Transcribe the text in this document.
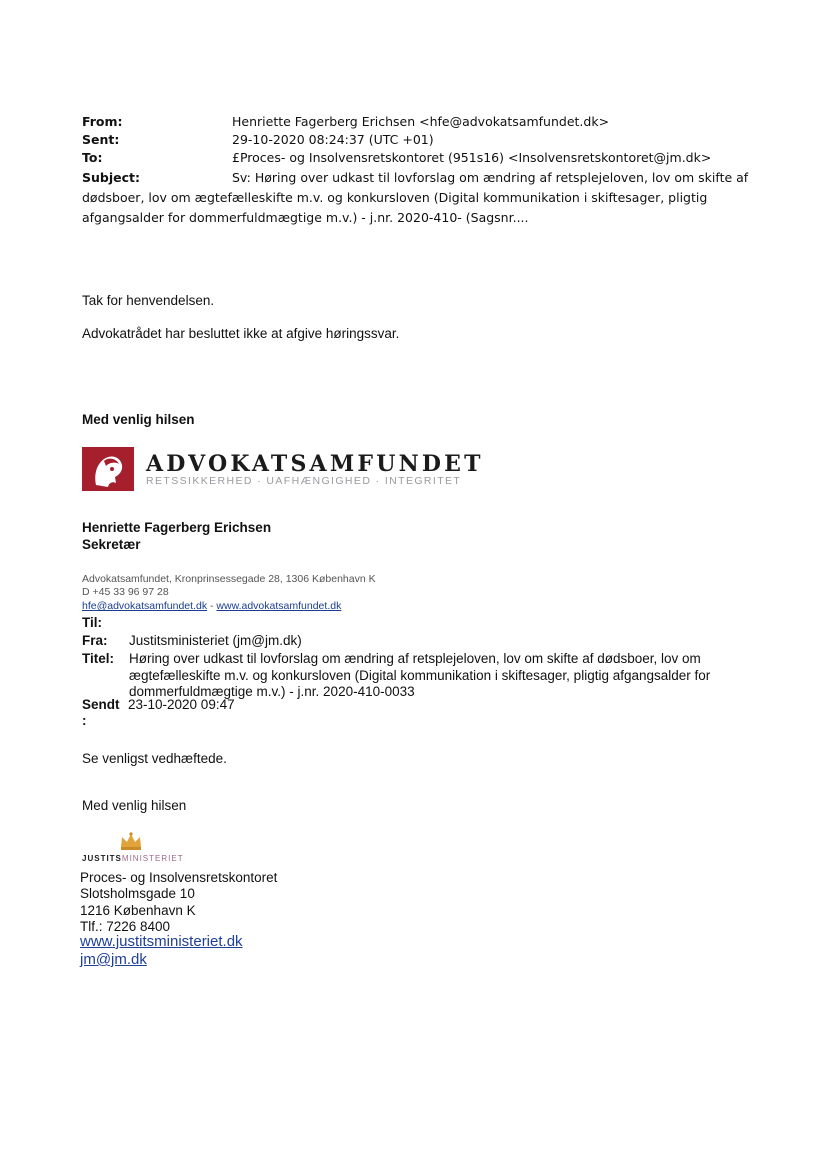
From:	Henriette Fagerberg Erichsen <hfe@advokatsamfundet.dk>
Sent:	29-10-2020 08:24:37 (UTC +01)
To:	£Proces- og Insolvensretskontoret (951s16) <Insolvensretskontoret@jm.dk>
Subject:	Sv: Høring over udkast til lovforslag om ændring af retsplejeloven, lov om skifte af
dødsboer, lov om ægtefælleskifte m.v. og konkursloven (Digital kommunikation i skiftesager, pligtig
afgangsalder for dommerfuldmægtige m.v.) - j.nr. 2020-410- (Sagsnr....
Tak for henvendelsen.
Advokatrådet har besluttet ikke at afgive høringssvar.
Med venlig hilsen
ADVOKATSAMFUNDET
RETSSIKKERHED · UAFHÆNGIGHED · INTEGRITET
Henriette Fagerberg Erichsen
Sekretær
Advokatsamfundet, Kronprinsessegade 28, 1306 København K
D +45 33 96 97 28
hfe@advokatsamfundet.dk - www.advokatsamfundet.dk
Til:
Fra: Justitsministeriet (jm@jm.dk)
Titel: Høring over udkast til lovforslag om ændring af retsplejeloven, lov om skifte af dødsboer, lov om
ægtefælleskifte m.v. og konkursloven (Digital kommunikation i skiftesager, pligtig afgangsalder for
dommerfuldmægtige m.v.) - j.nr. 2020-410-0033
Sendt
:
23-10-2020 09:47
Se venligst vedhæftede.
Med venlig hilsen
JUSTITSMINISTERIET
Proces- og Insolvensretskontoret
Slotsholmsgade 10
1216 København K
Tlf.: 7226 8400
www.justitsministeriet.dk
jm@jm.dk
